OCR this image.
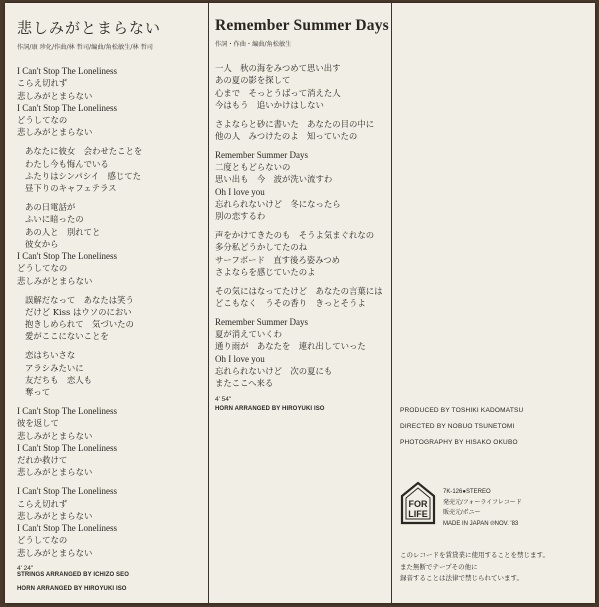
悲しみがとまらない
作詞/康 珍化/作曲/林 哲司/編曲/角松敏生/林 哲司
I Can't Stop The Loneliness
こらえ切れず
悲しみがとまらない
I Can't Stop The Loneliness
どうしてなの
悲しみがとまらない
あなたに彼女　会わせたことを
わたし今も悔んでいる
ふたりはシンパシイ　感じてた
昼下りのキャフェテラス
あの日電話が
ふいに暗ったの
あの人と　別れてと
彼女から
I Can't Stop The Loneliness
どうしてなの
悲しみがとまらない
誤解だなって　あなたは笑う
だけど Kiss はウソのにおい
抱きしめられて　気づいたの
愛がここにないことを
恋はちいさな
アラシみたいに
友だちも　恋人も
奪って
I Can't Stop The Loneliness
彼を返して
悲しみがとまらない
I Can't Stop The Loneliness
だれか救けて
悲しみがとまらない
I Can't Stop The Loneliness
こらえ切れず
悲しみがとまらない
I Can't Stop The Loneliness
どうしてなの
悲しみがとまらない
4' 24"
STRINGS ARRANGED BY ICHIZO SEO
HORN ARRANGED BY HIROYUKI ISO
Remember Summer Days
作詞・作曲・編曲/角松敏生
一人　秋の海をみつめて思い出す
あの夏の影を探して
心まで　そっとうばって消えた人
今はもう　追いかけはしない
さよならと砂に書いた　あなたの目の中に
他の人　みつけたのよ　知っていたの
Remember Summer Days
二度ともどらないの
思い出も　今　波が洗い流すわ
Oh I love you
忘れられないけど　冬になったら
別の恋するわ
声をかけてきたのも　そうよ気まぐれなの
多分私どうかしてたのね
サーフボード　直す後ろ姿みつめ
さよならを感じていたのよ
その気にはなってたけど　あなたの言葉には
どこもなく　うその香り　きっとそうよ
Remember Summer Days
夏が消えていくわ
通り雨が　あなたを　連れ出していった
Oh I love you
忘れられないけど　次の夏にも
またここへ来る
4' 54"
HORN ARRANGED BY HIROYUKI ISO	PRODUCED BY TOSHIKI KADOMATSU
DIRECTED BY NOBUO TSUNETOMI
PHOTOGRAPHY BY HISAKO OKUBO
FOR
LIFE
7K-126●STEREO
発売元/フォーライフレコード
販売元/ポニー
MADE IN JAPAN ℗NOV. '83
このレコードを賃貸業に使用することを禁じます。
また無断でテープその他に
録音することは法律で禁じられています。
